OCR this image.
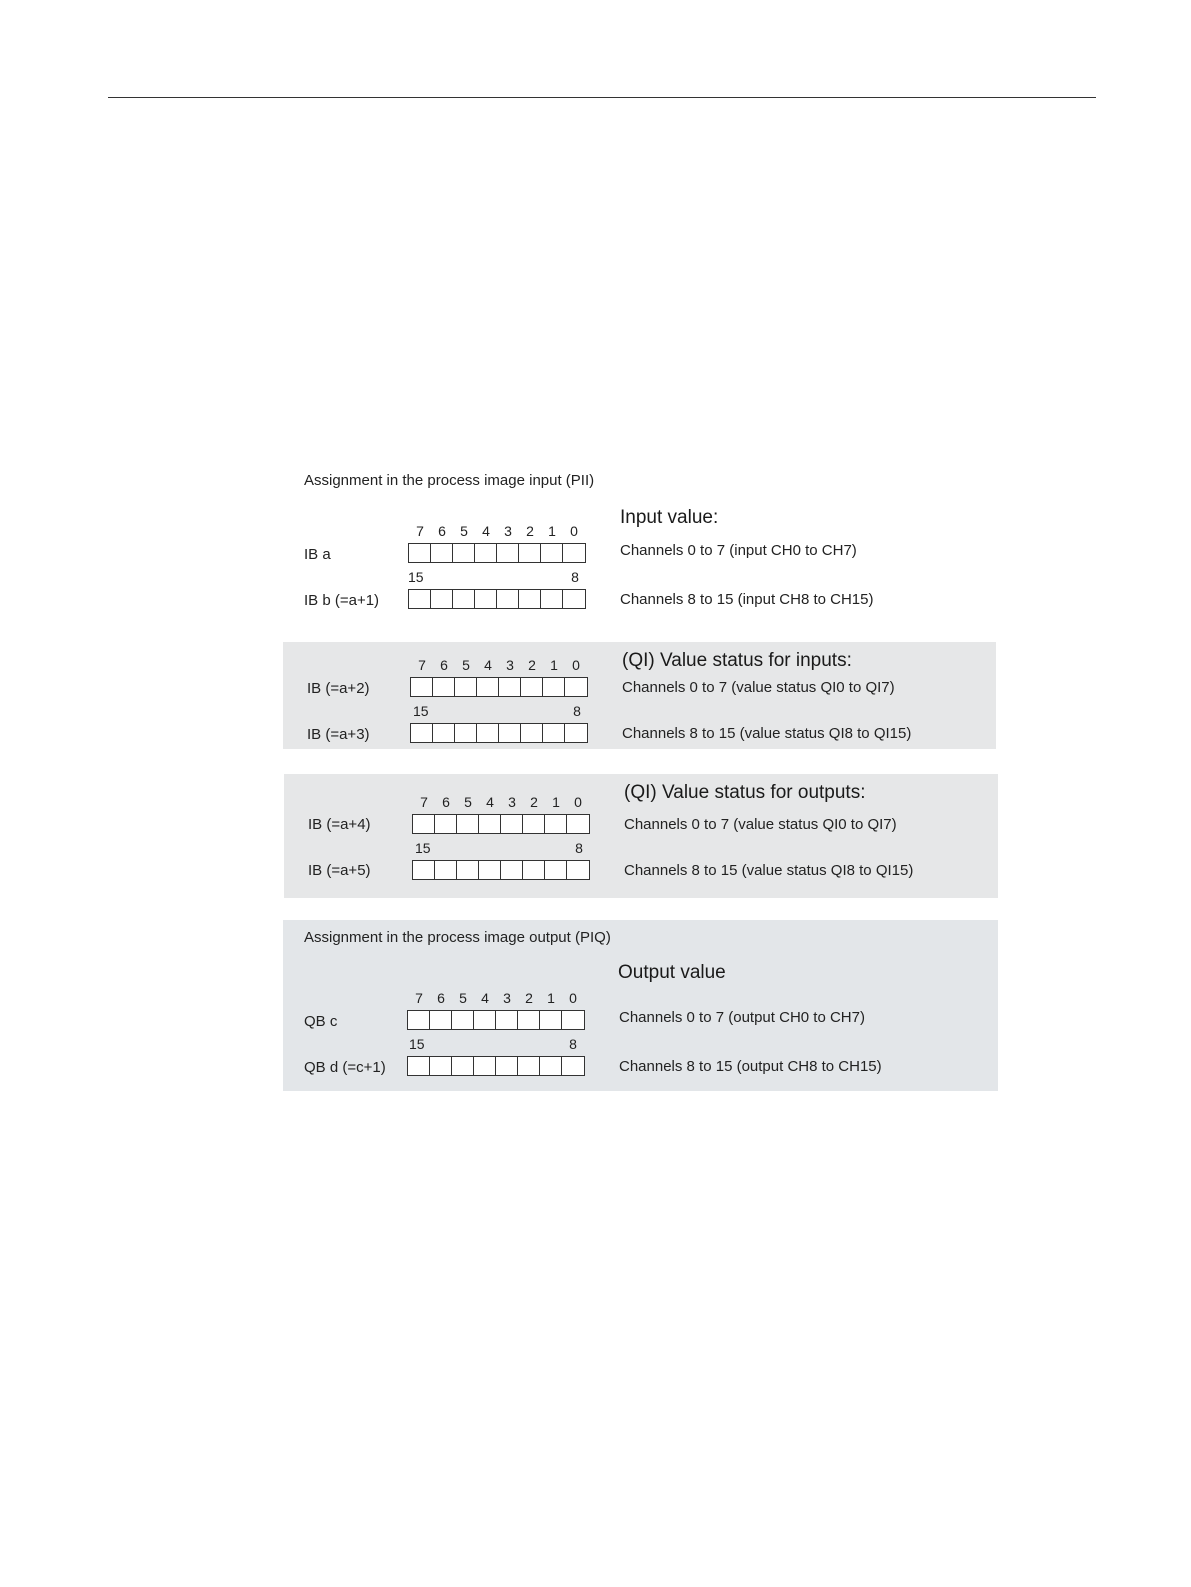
Assignment in the process image input (PII)
Input value:
7	6	5	4	3	2	1	0
IB a	Channels 0 to 7 (input CH0 to CH7)
15	8
IB b (=a+1)	Channels 8 to 15 (input CH8 to CH15)
(QI) Value status for inputs:
7	6	5	4	3	2	1	0
IB (=a+2)	Channels 0 to 7 (value status QI0 to QI7)
15	8
IB (=a+3)	Channels 8 to 15 (value status QI8 to QI15)
(QI) Value status for outputs:
7	6	5	4	3	2	1	0
IB (=a+4)	Channels 0 to 7 (value status QI0 to QI7)
15	8
IB (=a+5)	Channels 8 to 15 (value status QI8 to QI15)
Assignment in the process image output (PIQ)
Output value
7	6	5	4	3	2	1	0
QB c	Channels 0 to 7 (output CH0 to CH7)
15	8
QB d (=c+1)	Channels 8 to 15 (output CH8 to CH15)
